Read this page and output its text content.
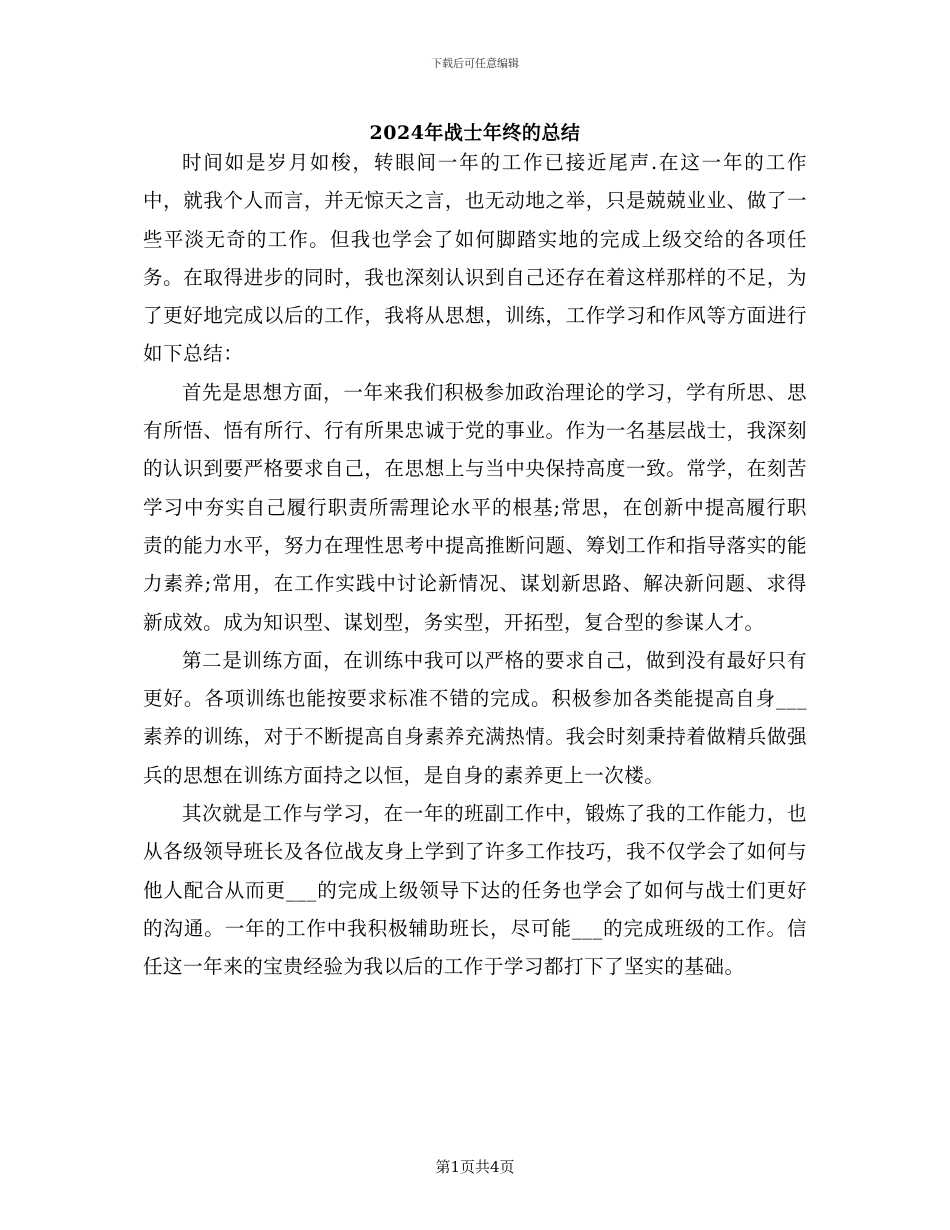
下载后可任意编辑
2024年战士年终的总结

时间如是岁月如梭，转眼间一年的工作已接近尾声.在这一年的工作中，就我个人而言，并无惊天之言，也无动地之举，只是兢兢业业、做了一些平淡无奇的工作。但我也学会了如何脚踏实地的完成上级交给的各项任务。在取得进步的同时，我也深刻认识到自己还存在着这样那样的不足，为了更好地完成以后的工作，我将从思想，训练，工作学习和作风等方面进行如下总结：

首先是思想方面，一年来我们积极参加政治理论的学习，学有所思、思有所悟、悟有所行、行有所果忠诚于党的事业。作为一名基层战士，我深刻的认识到要严格要求自己，在思想上与当中央保持高度一致。常学，在刻苦学习中夯实自己履行职责所需理论水平的根基;常思，在创新中提高履行职责的能力水平，努力在理性思考中提高推断问题、筹划工作和指导落实的能力素养;常用，在工作实践中讨论新情况、谋划新思路、解决新问题、求得新成效。成为知识型、谋划型，务实型，开拓型，复合型的参谋人才。

第二是训练方面，在训练中我可以严格的要求自己，做到没有最好只有更好。各项训练也能按要求标准不错的完成。积极参加各类能提高自身___素养的训练，对于不断提高自身素养充满热情。我会时刻秉持着做精兵做强兵的思想在训练方面持之以恒，是自身的素养更上一次楼。

其次就是工作与学习，在一年的班副工作中，锻炼了我的工作能力，也从各级领导班长及各位战友身上学到了许多工作技巧，我不仅学会了如何与他人配合从而更___的完成上级领导下达的任务也学会了如何与战士们更好的沟通。一年的工作中我积极辅助班长，尽可能___的完成班级的工作。信任这一年来的宝贵经验为我以后的工作于学习都打下了坚实的基础。

第1页共4页
